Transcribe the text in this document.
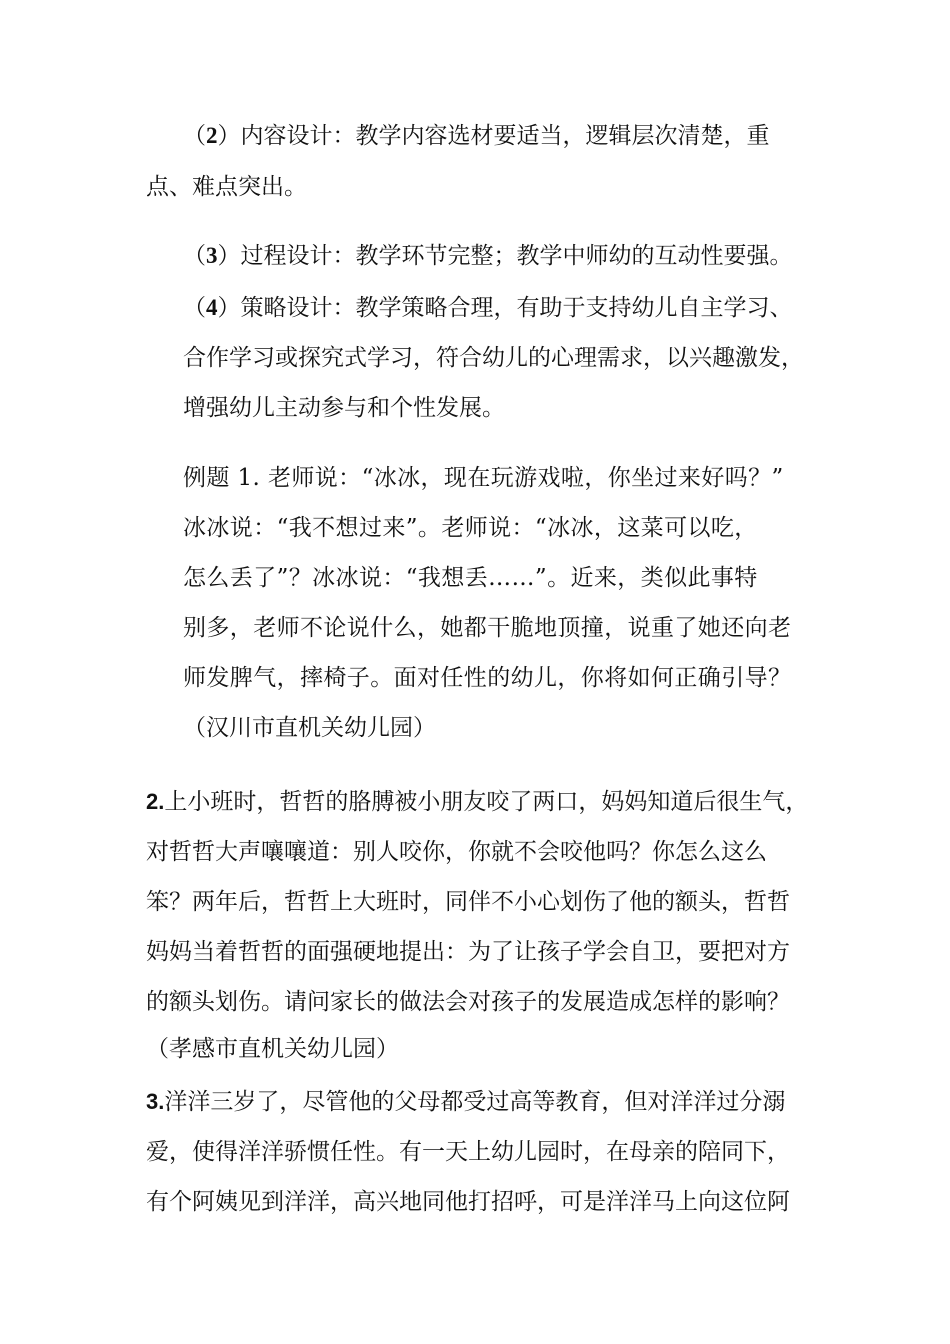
（2）内容设计：教学内容选材要适当，逻辑层次清楚，重
点、难点突出。
（3）过程设计：教学环节完整；教学中师幼的互动性要强。
（4）策略设计：教学策略合理，有助于支持幼儿自主学习、
合作学习或探究式学习，符合幼儿的心理需求，以兴趣激发，
增强幼儿主动参与和个性发展。
例题 1. 老师说：“冰冰，现在玩游戏啦，你坐过来好吗？”
冰冰说：“我不想过来”。老师说：“冰冰，这菜可以吃，
怎么丢了”？冰冰说：“我想丢……”。近来，类似此事特
别多，老师不论说什么，她都干脆地顶撞，说重了她还向老
师发脾气，摔椅子。面对任性的幼儿，你将如何正确引导？
（汉川市直机关幼儿园）
2.上小班时，哲哲的胳膊被小朋友咬了两口，妈妈知道后很生气，
对哲哲大声嚷嚷道：别人咬你，你就不会咬他吗？你怎么这么
笨？两年后，哲哲上大班时，同伴不小心划伤了他的额头，哲哲
妈妈当着哲哲的面强硬地提出：为了让孩子学会自卫，要把对方
的额头划伤。请问家长的做法会对孩子的发展造成怎样的影响？
（孝感市直机关幼儿园）
3.洋洋三岁了，尽管他的父母都受过高等教育，但对洋洋过分溺
爱，使得洋洋骄惯任性。有一天上幼儿园时，在母亲的陪同下，
有个阿姨见到洋洋，高兴地同他打招呼，可是洋洋马上向这位阿
